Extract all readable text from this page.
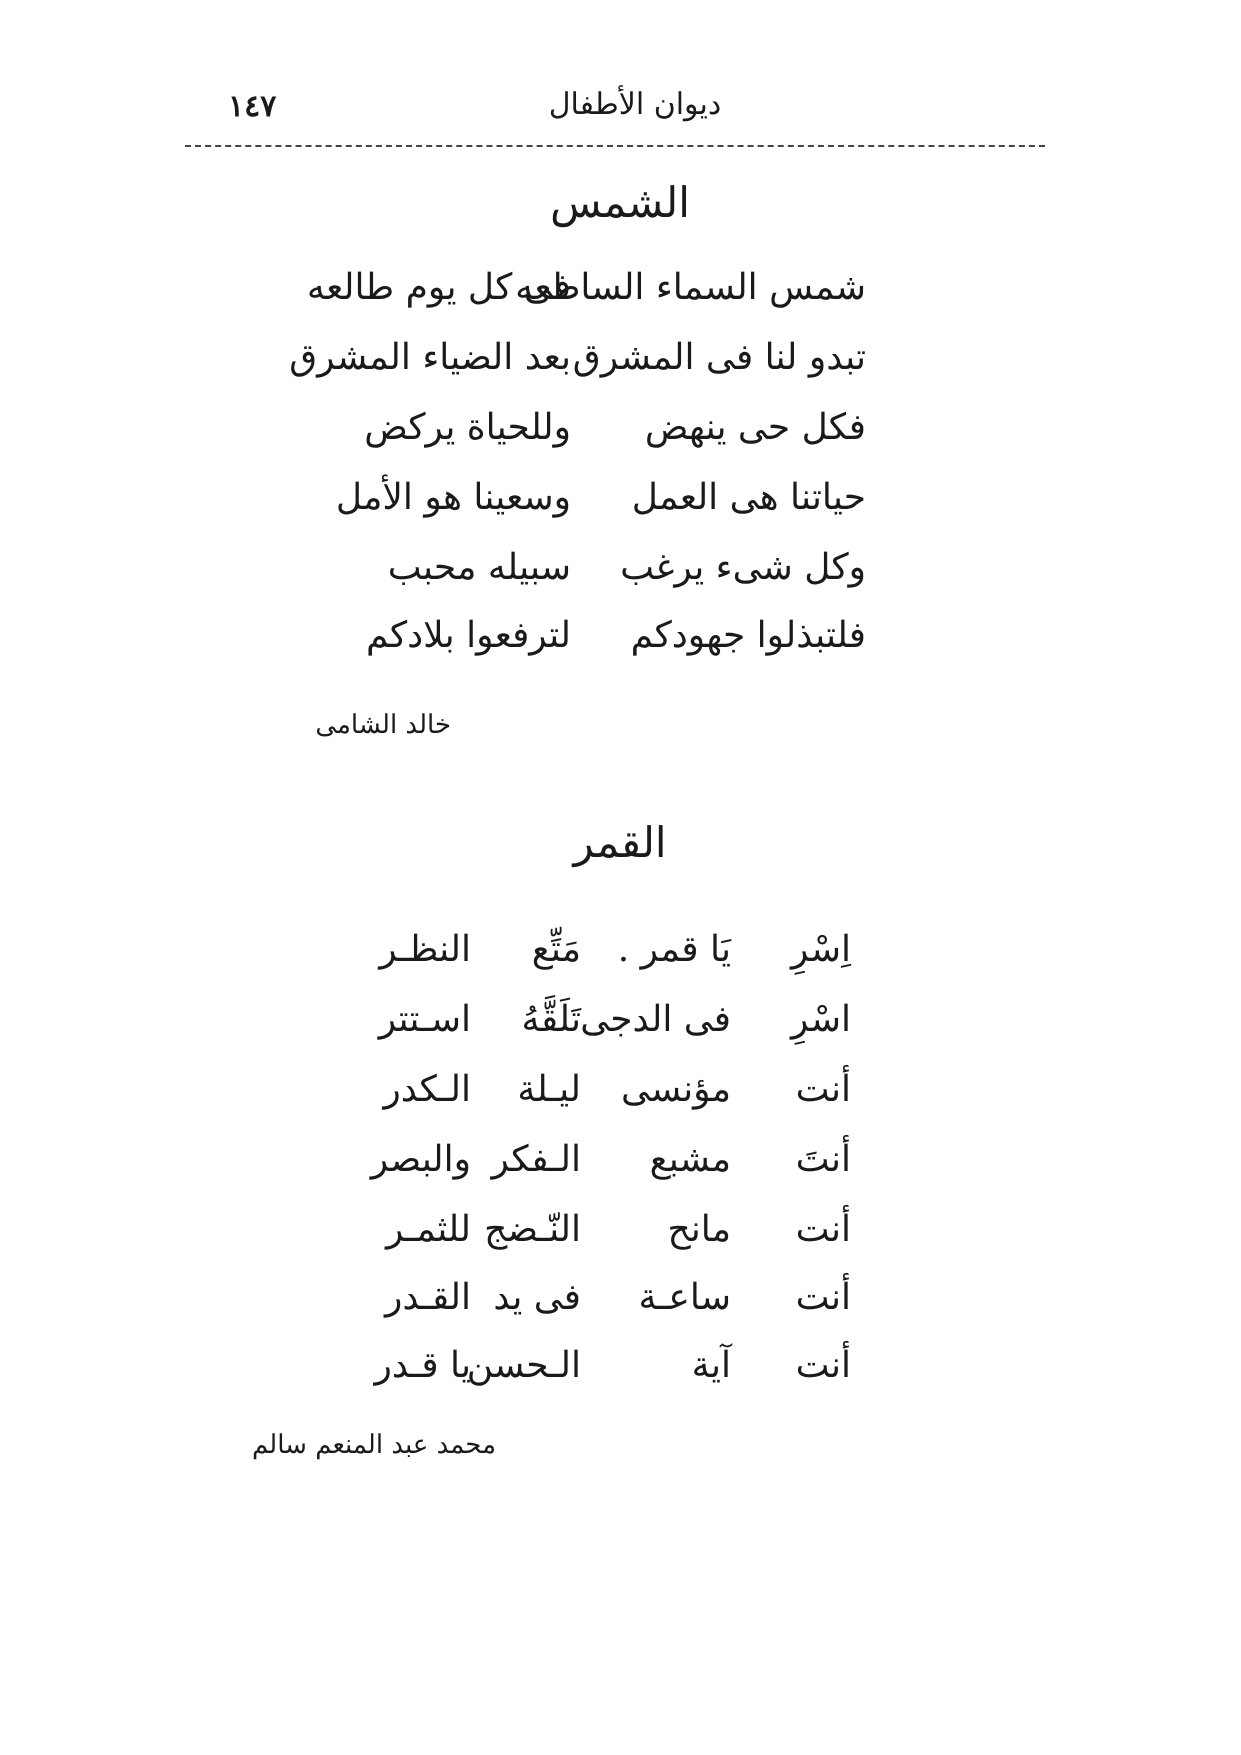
ديوان الأطفال
١٤٧
الشمس
شمس السماء الساطعه
فى كل يوم طالعه
تبدو لنا فى المشرق
بعد الضياء المشرق
فكل حى ينهض
وللحياة يركض
حياتنا هى العمل
وسعينا هو الأمل
وكل شىء يرغب
سبيله محبب
فلتبذلوا جهودكم
لترفعوا بلادكم
خالد الشامى
القمر
اِسْرِ
يَا قمر .
مَتِّع
النظـر
اسْرِ
فى الدجى
تَلَقَّهُ
اسـتتر
أنت
مؤنسى
ليـلة
الـكدر
أنتَ
مشبع
الـفكر
والبصر
أنت
مانح
النّـضج
للثمـر
أنت
ساعـة
فى يد
القـدر
أنت
آية
الـحسن
يا قـدر
محمد عبد المنعم سالم
